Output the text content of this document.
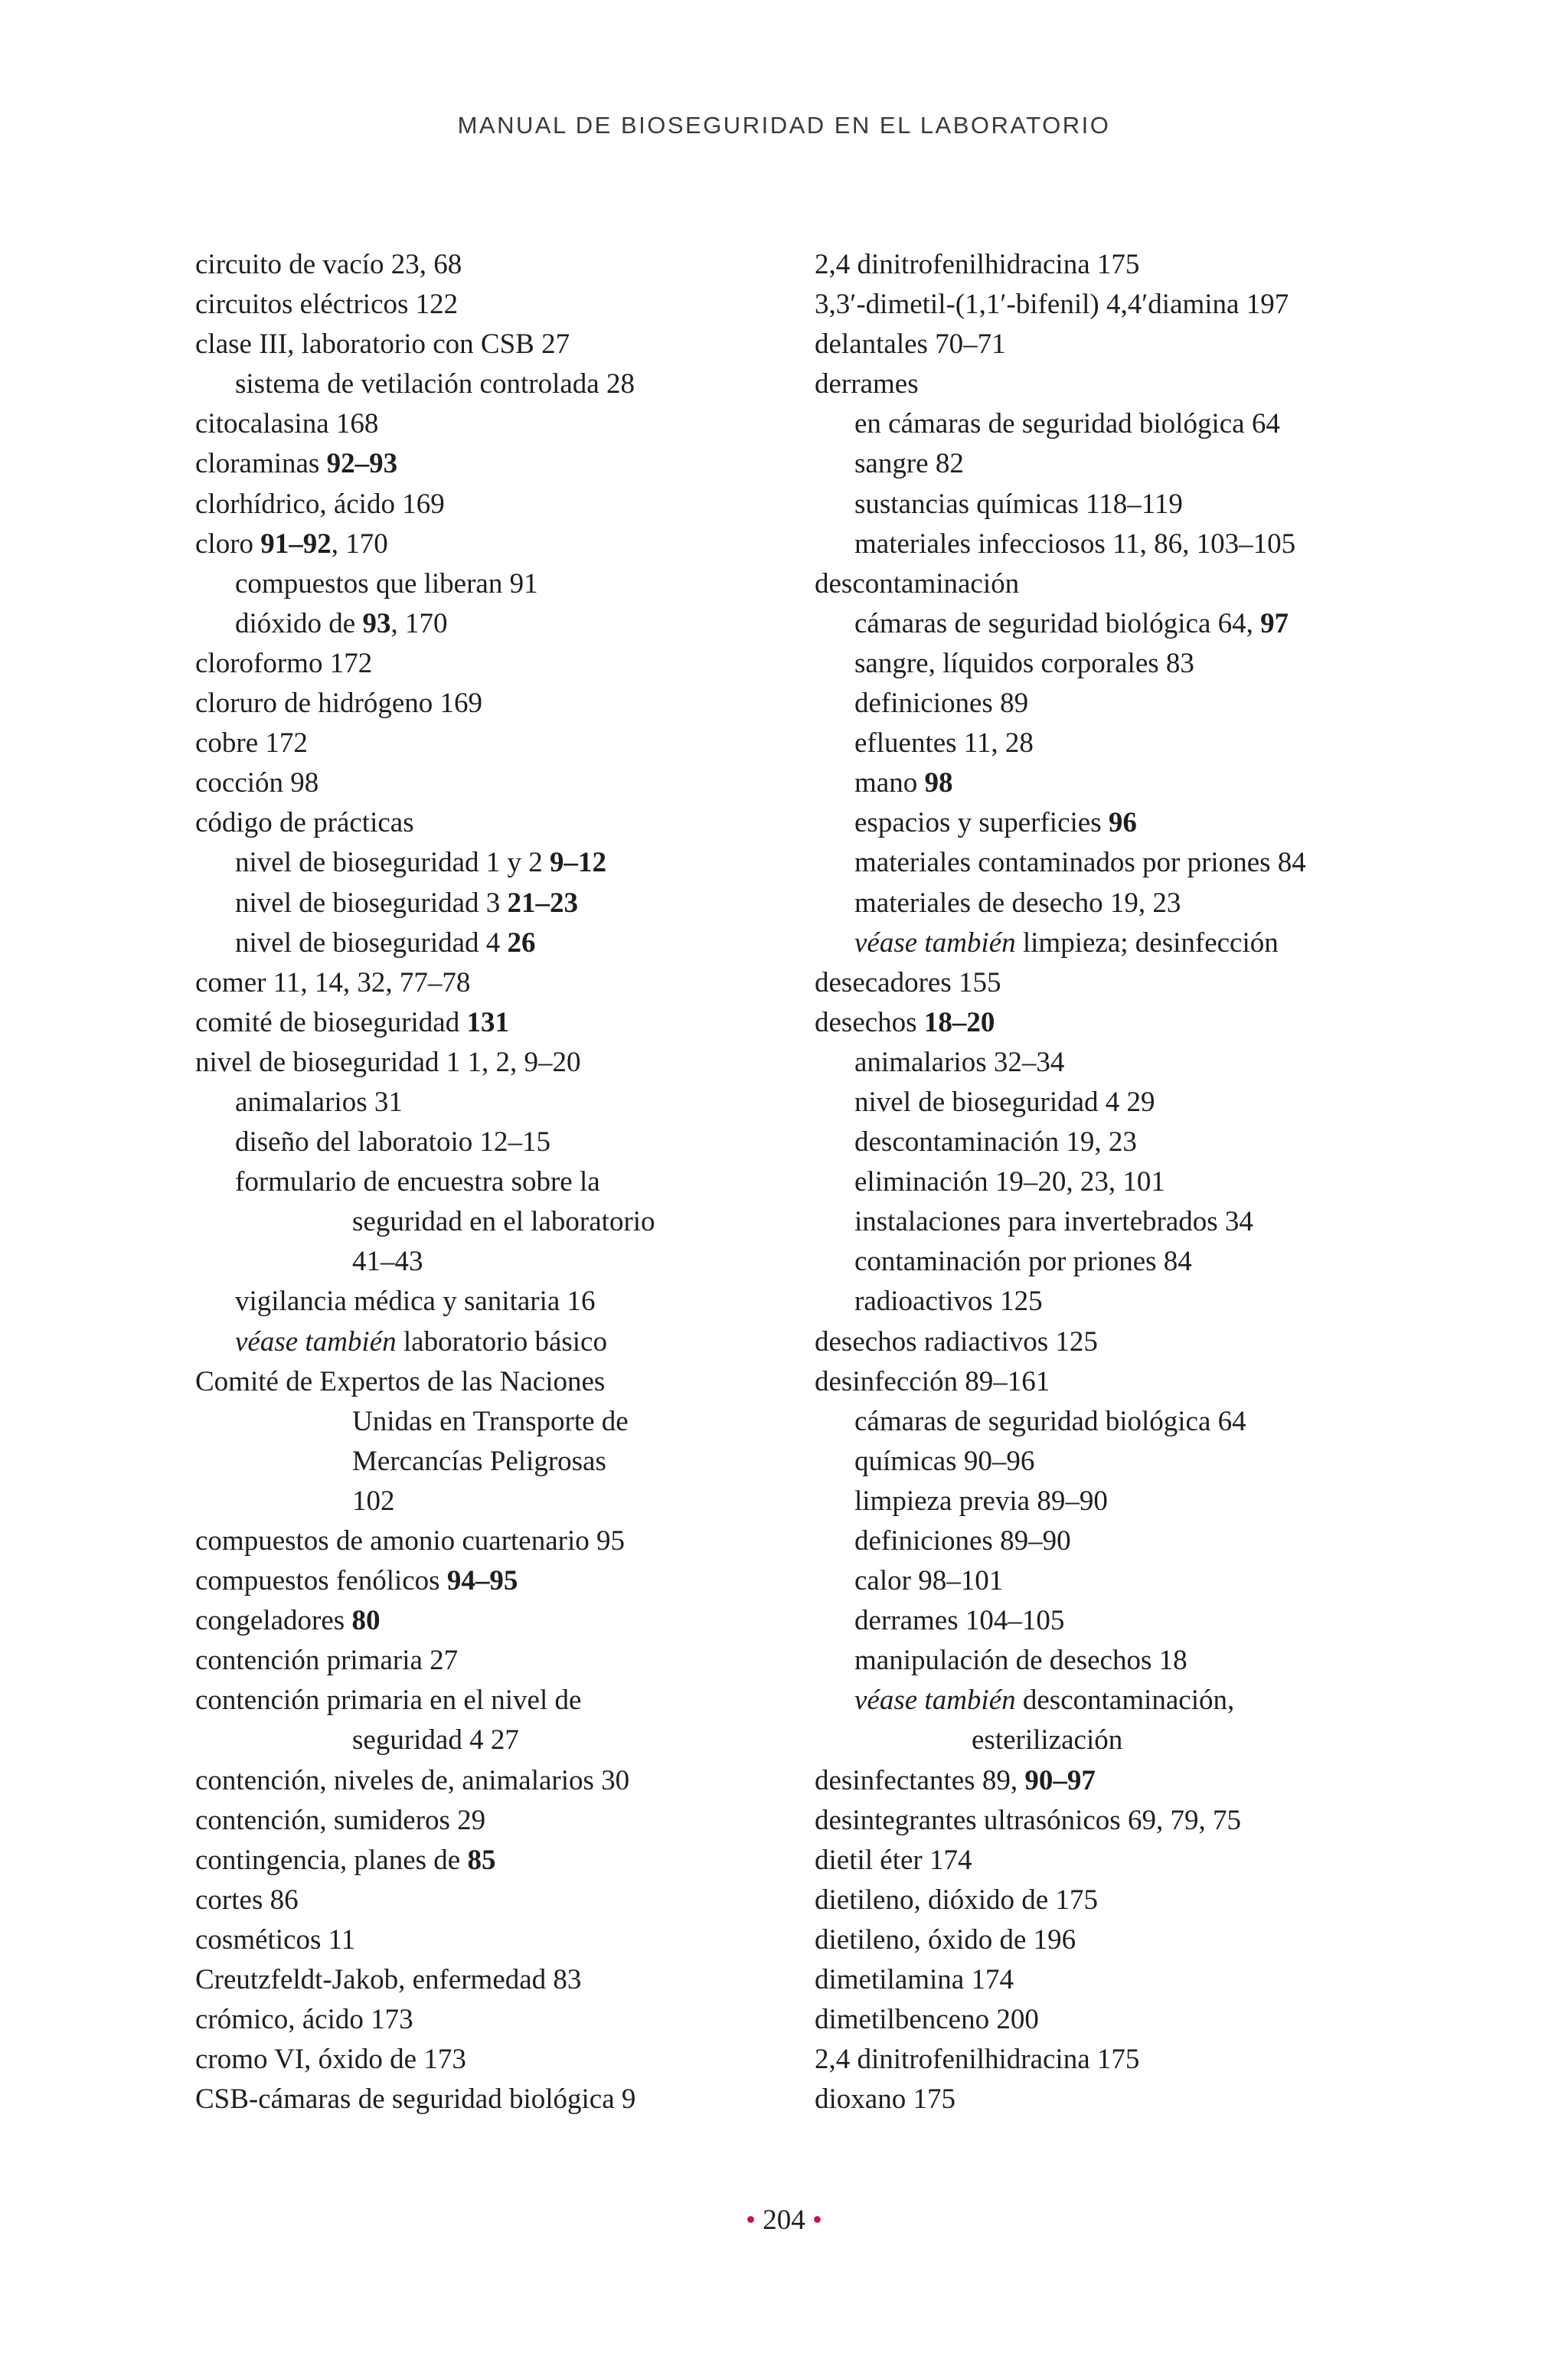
MANUAL DE BIOSEGURIDAD EN EL LABORATORIO
circuito de vacío 23, 68
circuitos eléctricos 122
clase III, laboratorio con CSB 27
sistema de vetilación controlada 28
citocalasina 168
cloraminas 92–93
clorhídrico, ácido 169
cloro 91–92, 170
compuestos que liberan 91
dióxido de 93, 170
cloroformo 172
cloruro de hidrógeno 169
cobre 172
cocción 98
código de prácticas
nivel de bioseguridad 1 y 2 9–12
nivel de bioseguridad 3 21–23
nivel de bioseguridad 4 26
comer 11, 14, 32, 77–78
comité de bioseguridad 131
nivel de bioseguridad 1 1, 2, 9–20
animalarios 31
diseño del laboratoio 12–15
formulario de encuestra sobre la
seguridad en el laboratorio
41–43
vigilancia médica y sanitaria 16
véase también laboratorio básico
Comité de Expertos de las Naciones
Unidas en Transporte de
Mercancías Peligrosas
102
compuestos de amonio cuartenario 95
compuestos fenólicos 94–95
congeladores 80
contención primaria 27
contención primaria en el nivel de
seguridad 4 27
contención, niveles de, animalarios 30
contención, sumideros 29
contingencia, planes de 85
cortes 86
cosméticos 11
Creutzfeldt-Jakob, enfermedad 83
crómico, ácido 173
cromo VI, óxido de 173
CSB-cámaras de seguridad biológica 9
2,4 dinitrofenilhidracina 175
3,3′-dimetil-(1,1′-bifenil) 4,4′diamina 197
delantales 70–71
derrames
en cámaras de seguridad biológica 64
sangre 82
sustancias químicas 118–119
materiales infecciosos 11, 86, 103–105
descontaminación
cámaras de seguridad biológica 64, 97
sangre, líquidos corporales 83
definiciones 89
efluentes 11, 28
mano 98
espacios y superficies 96
materiales contaminados por priones 84
materiales de desecho 19, 23
véase también limpieza; desinfección
desecadores 155
desechos 18–20
animalarios 32–34
nivel de bioseguridad 4 29
descontaminación 19, 23
eliminación 19–20, 23, 101
instalaciones para invertebrados 34
contaminación por priones 84
radioactivos 125
desechos radiactivos 125
desinfección 89–161
cámaras de seguridad biológica 64
químicas 90–96
limpieza previa 89–90
definiciones 89–90
calor 98–101
derrames 104–105
manipulación de desechos 18
véase también descontaminación,
esterilización
desinfectantes 89, 90–97
desintegrantes ultrasónicos 69, 79, 75
dietil éter 174
dietileno, dióxido de 175
dietileno, óxido de 196
dimetilamina 174
dimetilbenceno 200
2,4 dinitrofenilhidracina 175
dioxano 175
• 204 •
